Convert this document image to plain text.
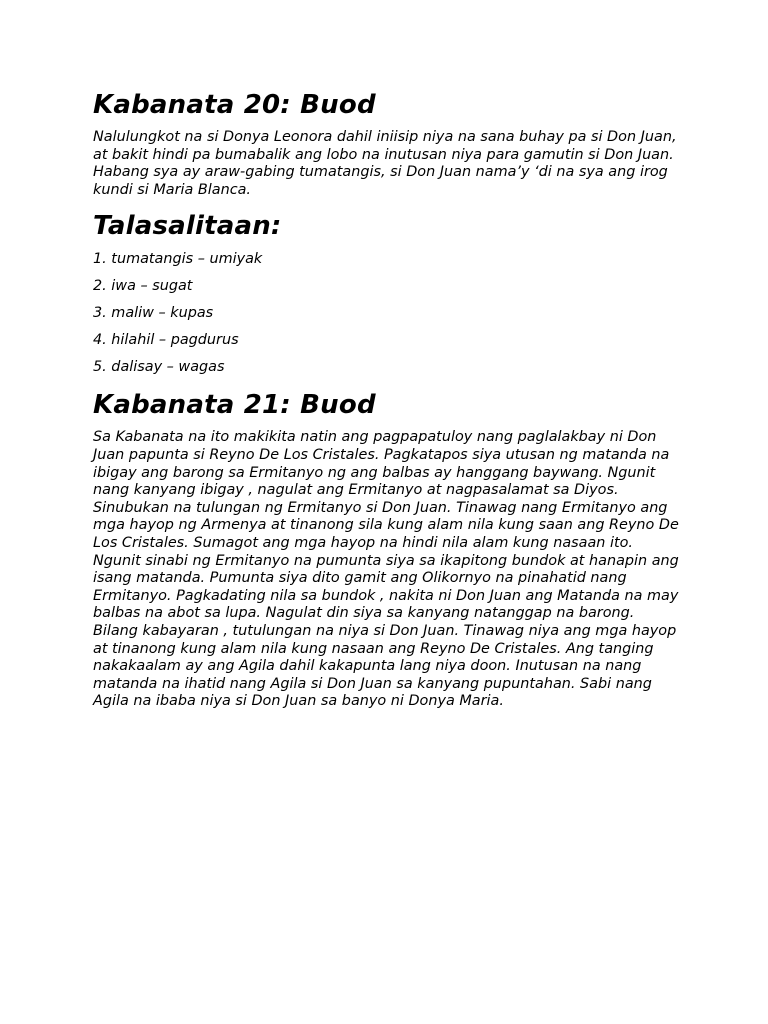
Kabanata 20: Buod

Nalulungkot na si Donya Leonora dahil iniisip niya na sana buhay pa si Don Juan, at bakit hindi pa bumabalik ang lobo na inutusan niya para gamutin si Don Juan. Habang sya ay araw-gabing tumatangis, si Don Juan nama’y ‘di na sya ang irog kundi si Maria Blanca.

Talasalitaan:
1. tumatangis – umiyak
2. iwa – sugat
3. maliw – kupas
4. hilahil – pagdurus
5. dalisay – wagas
Kabanata 21: Buod

Sa Kabanata na ito makikita natin ang pagpapatuloy nang paglalakbay ni Don Juan papunta si Reyno De Los Cristales. Pagkatapos siya utusan ng matanda na ibigay ang barong sa Ermitanyo ng ang balbas ay hanggang baywang. Ngunit nang kanyang ibigay , nagulat ang Ermitanyo at nagpasalamat sa Diyos. Sinubukan na tulungan ng Ermitanyo si Don Juan. Tinawag nang Ermitanyo ang mga hayop ng Armenya at tinanong sila kung alam nila kung saan ang Reyno De Los Cristales. Sumagot ang mga hayop na hindi nila alam kung nasaan ito. Ngunit sinabi ng Ermitanyo na pumunta siya sa ikapitong bundok at hanapin ang isang matanda. Pumunta siya dito gamit ang Olikornyo na pinahatid nang Ermitanyo. Pagkadating nila sa bundok , nakita ni Don Juan ang Matanda na may balbas na abot sa lupa. Nagulat din siya sa kanyang natanggap na barong. Bilang kabayaran , tutulungan na niya si Don Juan. Tinawag niya ang mga hayop at tinanong kung alam nila kung nasaan ang Reyno De Cristales. Ang tanging nakakaalam ay ang Agila dahil kakapunta lang niya doon. Inutusan na nang matanda na ihatid nang Agila si Don Juan sa kanyang pupuntahan. Sabi nang Agila na ibaba niya si Don Juan sa banyo ni Donya Maria.
